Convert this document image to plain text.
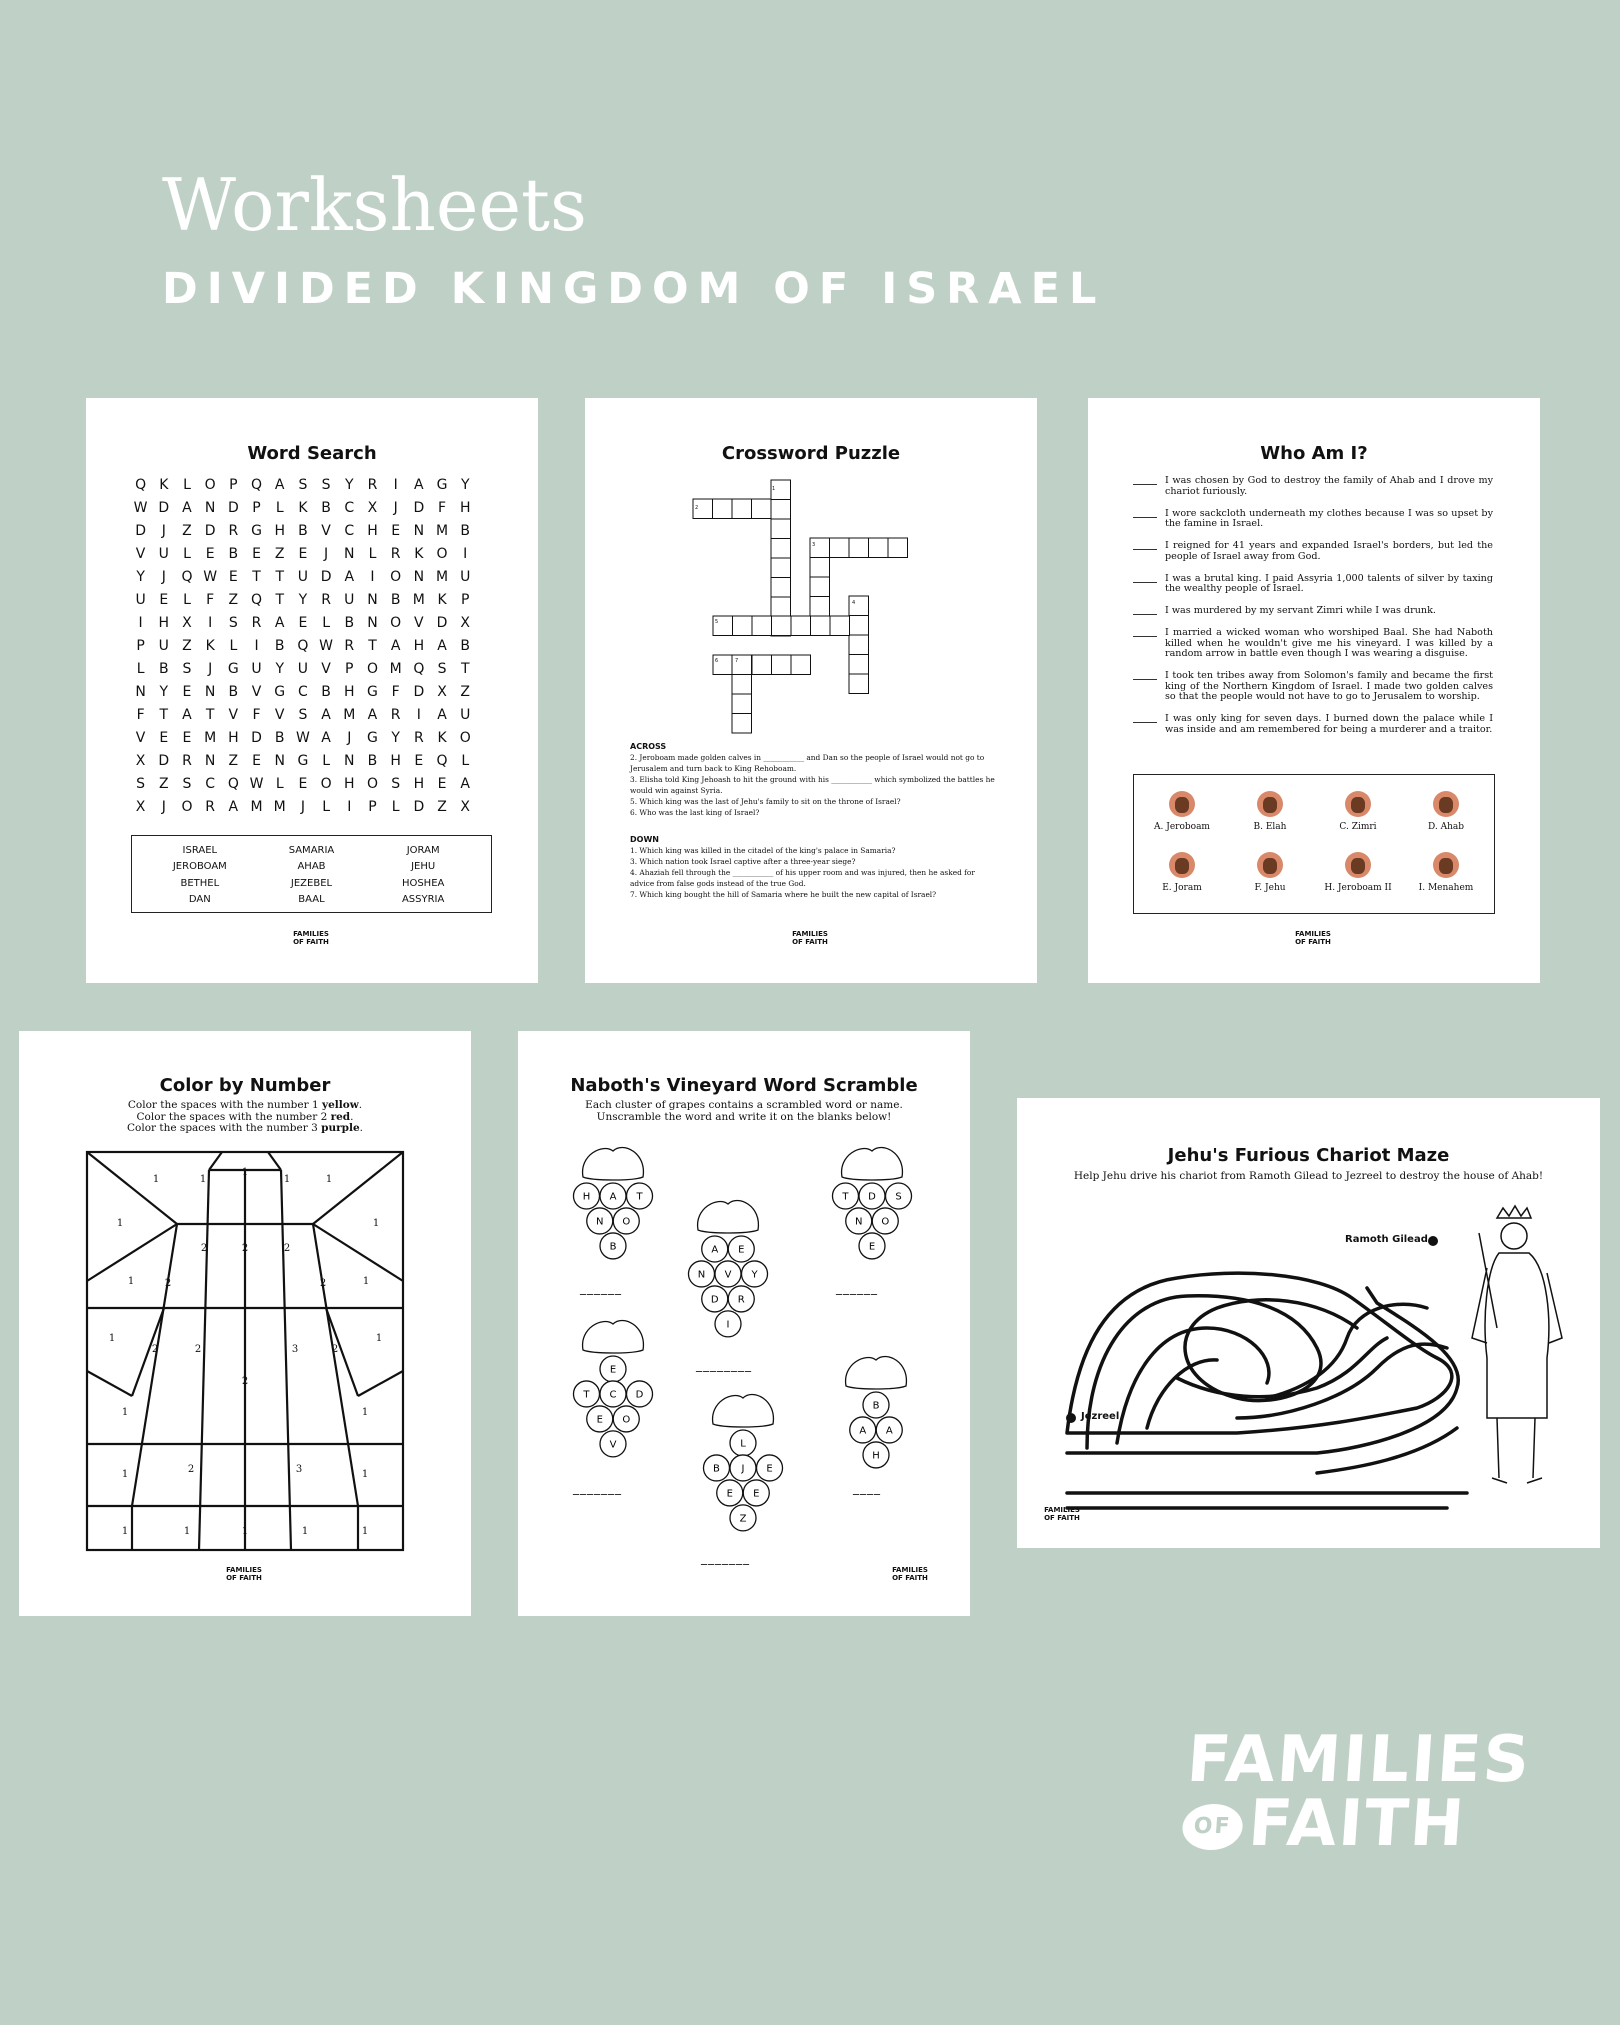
Worksheets
DIVIDED KINGDOM OF ISRAEL
Word Search
Q K	L O P Q A S	S	Y	R	I	A G Y
W D A N D P	L	K B C X	J	D F H
D	J	Z D R G H B V C H E N M B
V U	L	E B E Z E	J	N	L	R K O	I
Y	J	Q W E	T	T U D A	I	O N M U
U E	L	F	Z Q T	Y	R U N B M K	P
I	H X	I	S R A E	L	B N O V D X
P U Z K	L	I	B Q W R	T	A H A B
L	B S	J	G U Y U V	P O M Q S	T
N Y	E N B V G C B H G F D X Z
F	T	A	T	V	F	V S A M A R	I	A U
V E	E M H D B W A	J	G Y	R K O
X D R N Z E N G L	N B H E Q L
S Z S C Q W L	E O H O S H E A
X	J	O R A M M	J	L	I	P	L D Z X
ISRAEL	SAMARIA	JORAM
JEROBOAM	AHAB	JEHU
BETHEL	JEZEBEL	HOSHEA
DAN	BAAL	ASSYRIA
FAMILIES OF FAITH
Crossword Puzzle
1
2
3
4
5
6	7
ACROSS
2. Jeroboam made golden calves in ___________ and Dan so the people of Israel would not go to Jerusalem and turn back to King Rehoboam.
3. Elisha told King Jehoash to hit the ground with his ___________ which symbolized the battles he would win against Syria.
5. Which king was the last of Jehu's family to sit on the throne of Israel?
6. Who was the last king of Israel?
DOWN
1. Which king was killed in the citadel of the king's palace in Samaria?
3. Which nation took Israel captive after a three-year siege?
4. Ahaziah fell through the ___________ of his upper room and was injured, then he asked for advice from false gods instead of the true God.
7. Which king bought the hill of Samaria where he built the new capital of Israel?
FAMILIES OF FAITH
Who Am I?
I was chosen by God to destroy the family of Ahab and I drove my chariot furiously.
I wore sackcloth underneath my clothes because I was so upset by the famine in Israel.
I reigned for 41 years and expanded Israel's borders, but led the people of Israel away from God.
I was a brutal king. I paid Assyria 1,000 talents of silver by taxing the wealthy people of Israel.
I was murdered by my servant Zimri while I was drunk.
I married a wicked woman who worshiped Baal. She had Naboth killed when he wouldn't give me his vineyard. I was killed by a random arrow in battle even though I was wearing a disguise.
I took ten tribes away from Solomon's family and became the first king of the Northern Kingdom of Israel. I made two golden calves so that the people would not have to go to Jerusalem to worship.
I was only king for seven days. I burned down the palace while I was inside and am remembered for being a murderer and a traitor.
A. Jeroboam	B. Elah	C. Zimri	D. Ahab
E. Joram	F. Jehu	H. Jeroboam II	I. Menahem
FAMILIES OF FAITH
Color by Number
Color the spaces with the number 1 yellow.
Color the spaces with the number 2 red.
Color the spaces with the number 3 purple.
1	1
1
1	1
1	1
2	2	2
1	2	2	1
1
2	2	3	2
1
2
1	1
1	2	3	1
1	1	1	1	1
FAMILIES OF FAITH
Naboth's Vineyard Word Scramble
Each cluster of grapes contains a scrambled word or name.
Unscramble the word and write it on the blanks below!
H A T
N O
B	A E
N V Y
D R
I
T D S
N O
E
E
T C D
E O
V	L
B J E
E E
Z
B
A A
H
______
________
______
_______
_______
____
FAMILIES OF FAITH
Jehu's Furious Chariot Maze
Help Jehu drive his chariot from Ramoth Gilead to Jezreel to destroy the house of Ahab!
Ramoth Gilead
Jezreel
FAMILIES OF FAITH
FAMILIES
OF FAITH
